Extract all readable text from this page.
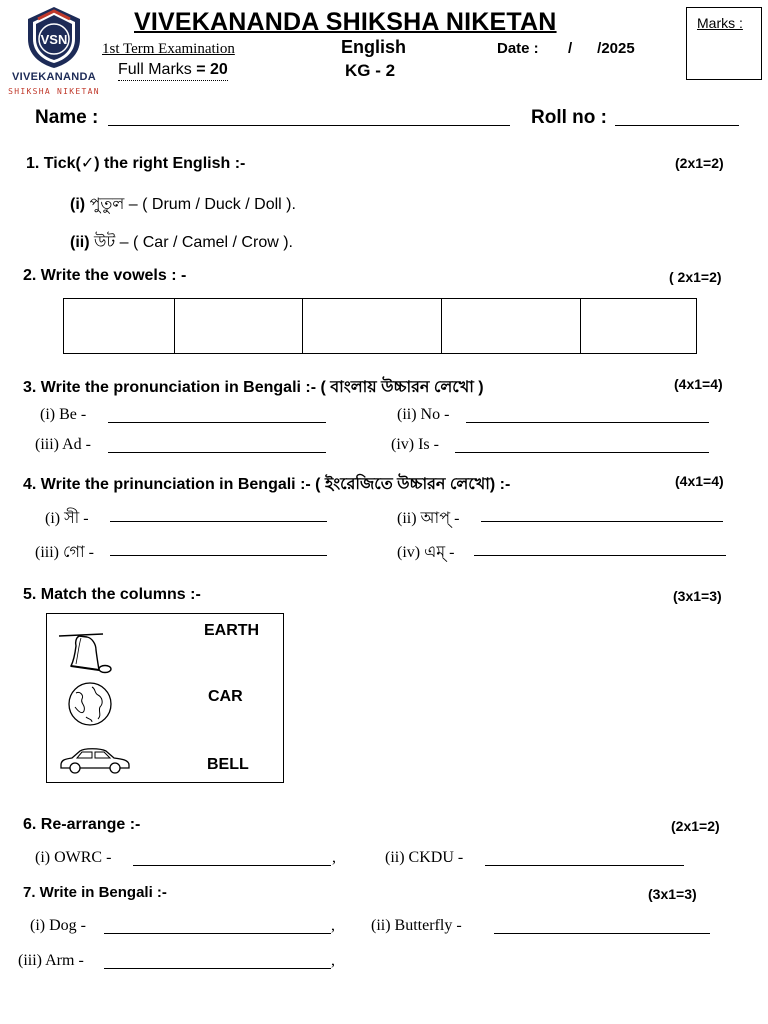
VSN
VIVEKANANDA
SHIKSHA NIKETAN
VIVEKANANDA SHIKSHA NIKETAN
1st Term Examination	English	Date : /      /2025
Full Marks = 20	KG - 2
Marks :
Name :	Roll no :
1. Tick(✓) the right English :-	(2x1=2)
(i) পুতুল – ( Drum / Duck / Doll ).
(ii) উট – ( Car / Camel / Crow ).
2. Write the vowels : -	( 2x1=2)

3. Write the pronunciation in Bengali :- ( বাংলায় উচ্চারন লেখো )	(4x1=4)
(i) Be -	(ii) No -
(iii) Ad -	(iv) Is -
4. Write the prinunciation in Bengali :- ( ইংরেজিতে উচ্চারন লেখো) :-	(4x1=4)
(i) সী -	(ii) আপ্ -
(iii) গো -	(iv) এম্ -
5. Match the columns :-	(3x1=3)
EARTH
CAR
BELL
6. Re-arrange :-	(2x1=2)
(i) OWRC -	,	(ii) CKDU -
7. Write in Bengali :-	(3x1=3)
(i) Dog -	, (ii) Butterfly -
(iii) Arm -	,
